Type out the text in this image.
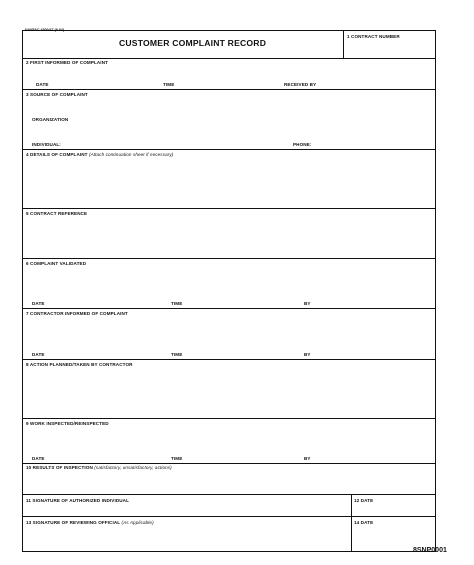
NAVFAC 4300/47 (9-84)
CUSTOMER COMPLAINT RECORD
1 CONTRACT NUMBER
2 FIRST INFORMED OF COMPLAINT
DATE	TIME	RECEIVED BY
3 SOURCE OF COMPLAINT
ORGANIZATION
INDIVIDUAL:	PHONE:
4 DETAILS OF COMPLAINT (Attach continuation sheet if necessary)
5 CONTRACT REFERENCE
6 COMPLAINT VALIDATED
DATE	TIME	BY
7 CONTRACTOR INFORMED OF COMPLAINT
DATE	TIME	BY
8 ACTION PLANNED/TAKEN BY CONTRACTOR
9 WORK INSPECTED/REINSPECTED
DATE	TIME	BY
10 RESULTS OF INSPECTION (satisfactory, unsatisfactory, actions)
11 SIGNATURE OF AUTHORIZED INDIVIDUAL	12 DATE
13 SIGNATURE OF REVIEWING OFFICIAL (As Applicable)	14 DATE
8SNP0001
